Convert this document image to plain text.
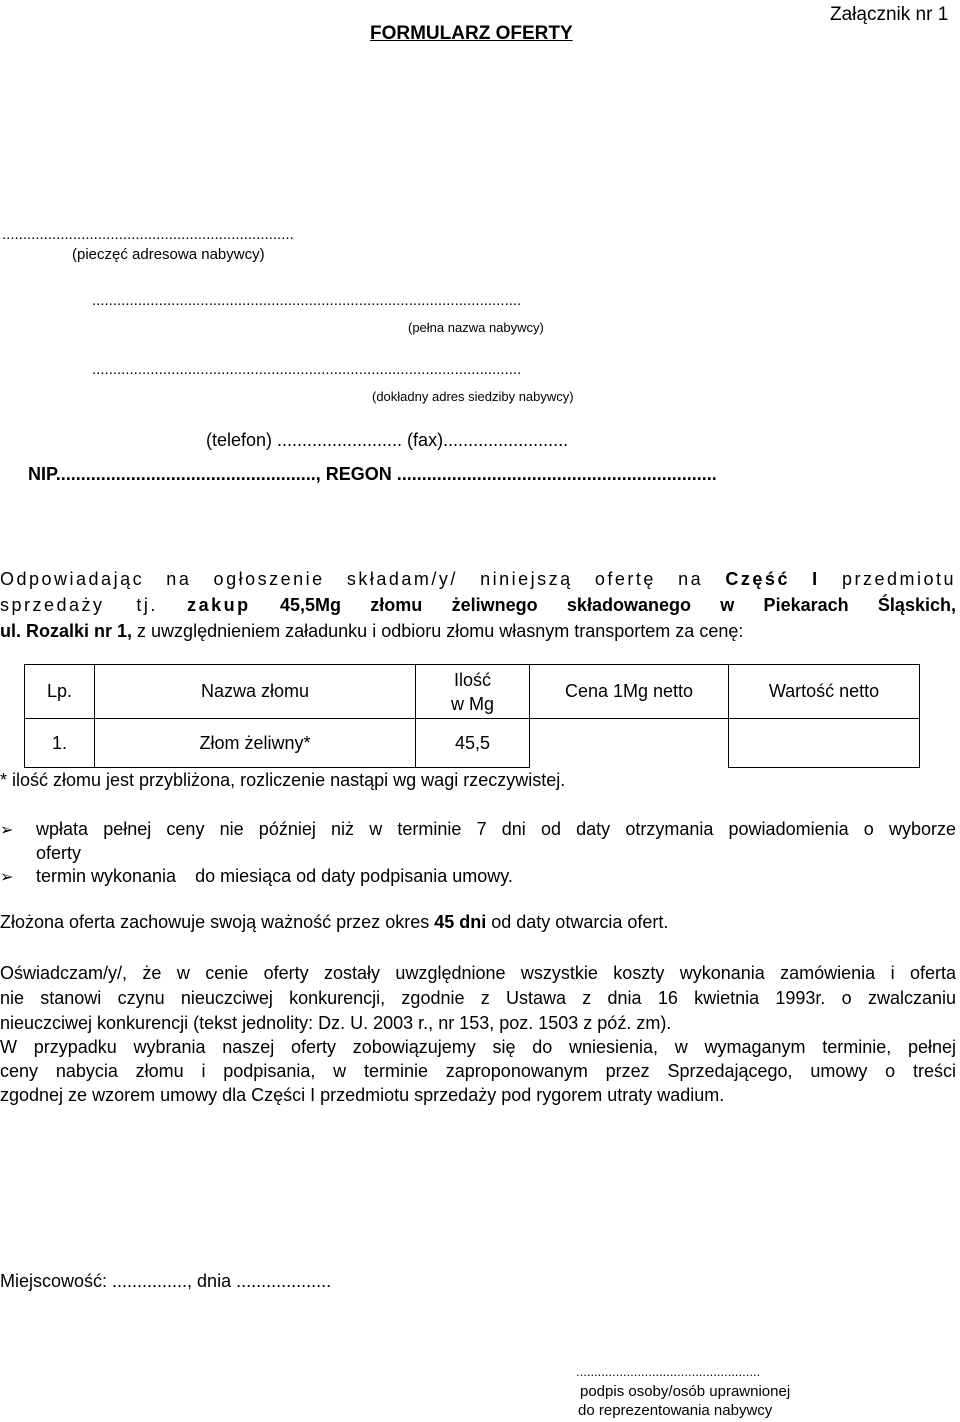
Załącznik nr 1
FORMULARZ OFERTY
......................................................................
(pieczęć adresowa nabywcy)
.......................................................................................................
(pełna nazwa nabywcy)
.......................................................................................................
(dokładny adres siedziby nabywcy)
(telefon) ......................... (fax).........................
NIP...................................................., REGON ................................................................
Odpowiadając na ogłoszenie składam/y/ niniejszą ofertę na Część I przedmiotu
sprzedaży tj. zakup 45,5Mg złomu żeliwnego składowanego w Piekarach Śląskich,
ul. Rozalki nr 1, z uwzględnieniem załadunku i odbioru złomu własnym transportem za cenę:
Lp.	Nazwa złomu	Ilość
w Mg	Cena 1Mg netto	Wartość netto
1.	Złom żeliwny*	45,5		
* ilość złomu jest przybliżona, rozliczenie nastąpi wg wagi rzeczywistej.
➢ wpłata pełnej ceny nie później niż w terminie 7 dni od daty otrzymania powiadomienia o wyborze
oferty
➢ termin wykonania do miesiąca od daty podpisania umowy.
Złożona oferta zachowuje swoją ważność przez okres 45 dni od daty otwarcia ofert.
Oświadczam/y/, że w cenie oferty zostały uwzględnione wszystkie koszty wykonania zamówienia i oferta
nie stanowi czynu nieuczciwej konkurencji, zgodnie z Ustawa z dnia 16 kwietnia 1993r. o zwalczaniu
nieuczciwej konkurencji (tekst jednolity: Dz. U. 2003 r., nr 153, poz. 1503 z póź. zm).
W przypadku wybrania naszej oferty zobowiązujemy się do wniesienia, w wymaganym terminie, pełnej
ceny nabycia złomu i podpisania, w terminie zaproponowanym przez Sprzedającego, umowy o treści
zgodnej ze wzorem umowy dla Części I przedmiotu sprzedaży pod rygorem utraty wadium.
Miejscowość: ..............., dnia ...................
...................................................
podpis osoby/osób uprawnionej
do reprezentowania nabywcy
